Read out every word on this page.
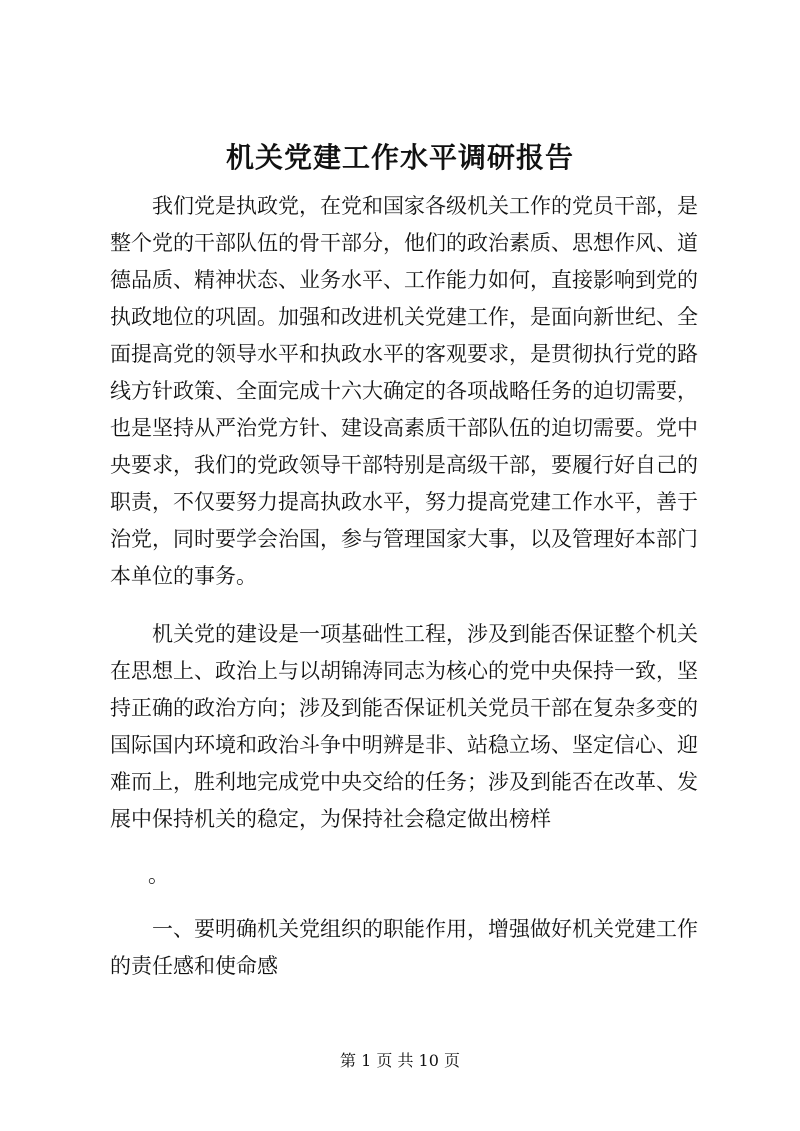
机关党建工作水平调研报告
我们党是执政党，在党和国家各级机关工作的党员干部，是
整个党的干部队伍的骨干部分，他们的政治素质、思想作风、道
德品质、精神状态、业务水平、工作能力如何，直接影响到党的
执政地位的巩固。加强和改进机关党建工作，是面向新世纪、全
面提高党的领导水平和执政水平的客观要求，是贯彻执行党的路
线方针政策、全面完成十六大确定的各项战略任务的迫切需要，
也是坚持从严治党方针、建设高素质干部队伍的迫切需要。党中
央要求，我们的党政领导干部特别是高级干部，要履行好自己的
职责，不仅要努力提高执政水平，努力提高党建工作水平，善于
治党，同时要学会治国，参与管理国家大事，以及管理好本部门
本单位的事务。
机关党的建设是一项基础性工程，涉及到能否保证整个机关
在思想上、政治上与以胡锦涛同志为核心的党中央保持一致，坚
持正确的政治方向；涉及到能否保证机关党员干部在复杂多变的
国际国内环境和政治斗争中明辨是非、站稳立场、坚定信心、迎
难而上，胜利地完成党中央交给的任务；涉及到能否在改革、发
展中保持机关的稳定，为保持社会稳定做出榜样
。
一、要明确机关党组织的职能作用，增强做好机关党建工作
的责任感和使命感
第 1 页 共 10 页
